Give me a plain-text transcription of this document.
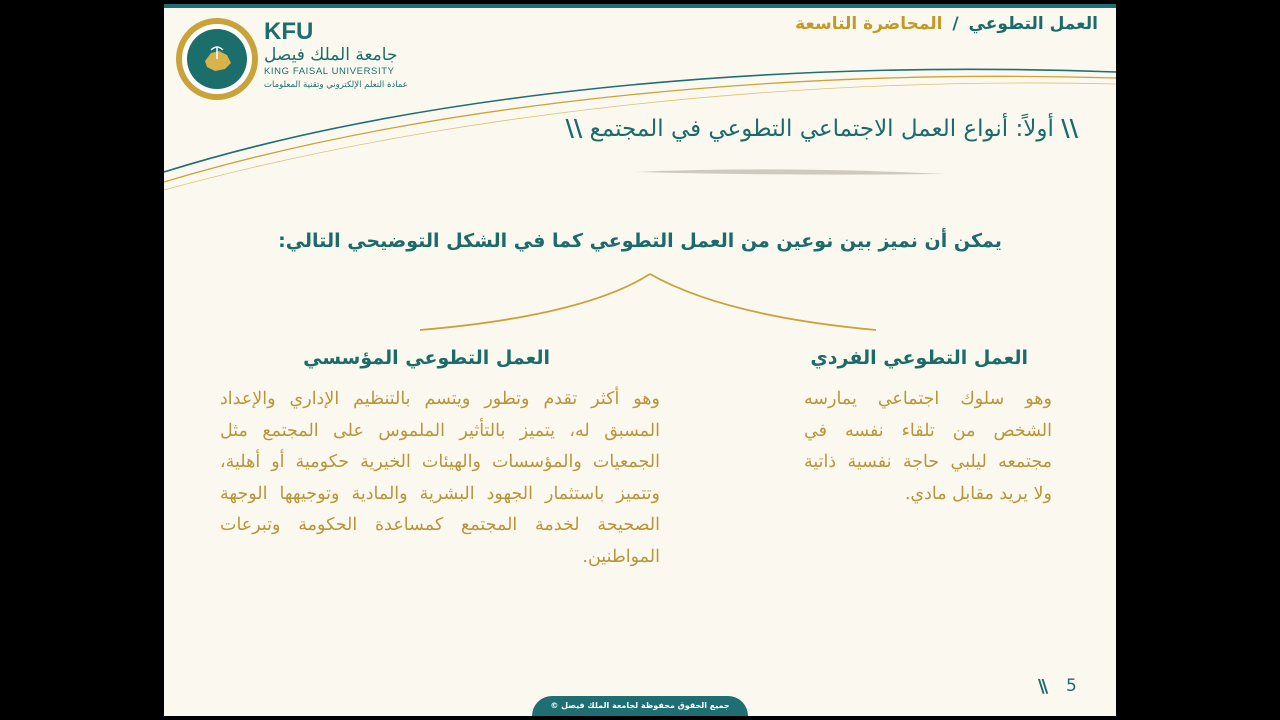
العمل التطوعي / المحاضرة التاسعة
KFU
جامعة الملك فيصل
KING FAISAL UNIVERSITY
عمادة التعلم الإلكتروني وتقنية المعلومات
\\ أولاً: أنواع العمل الاجتماعي التطوعي في المجتمع \\
يمكن أن نميز بين نوعين من العمل التطوعي كما في الشكل التوضيحي التالي:
العمل التطوعي الفردي
وهو سلوك اجتماعي يمارسه الشخص من تلقاء نفسه في مجتمعه ليلبي حاجة نفسية ذاتية ولا يريد مقابل مادي.
العمل التطوعي المؤسسي
وهو أكثر تقدم وتطور ويتسم بالتنظيم الإداري والإعداد المسبق له، يتميز بالتأثير الملموس على المجتمع مثل الجمعيات والمؤسسات والهيئات الخيرية حكومية أو أهلية، وتتميز باستثمار الجهود البشرية والمادية وتوجيهها الوجهة الصحيحة لخدمة المجتمع كمساعدة الحكومة وتبرعات المواطنين.
\\ 5
جميع الحقوق محفوظة لجامعة الملك فيصل ©
